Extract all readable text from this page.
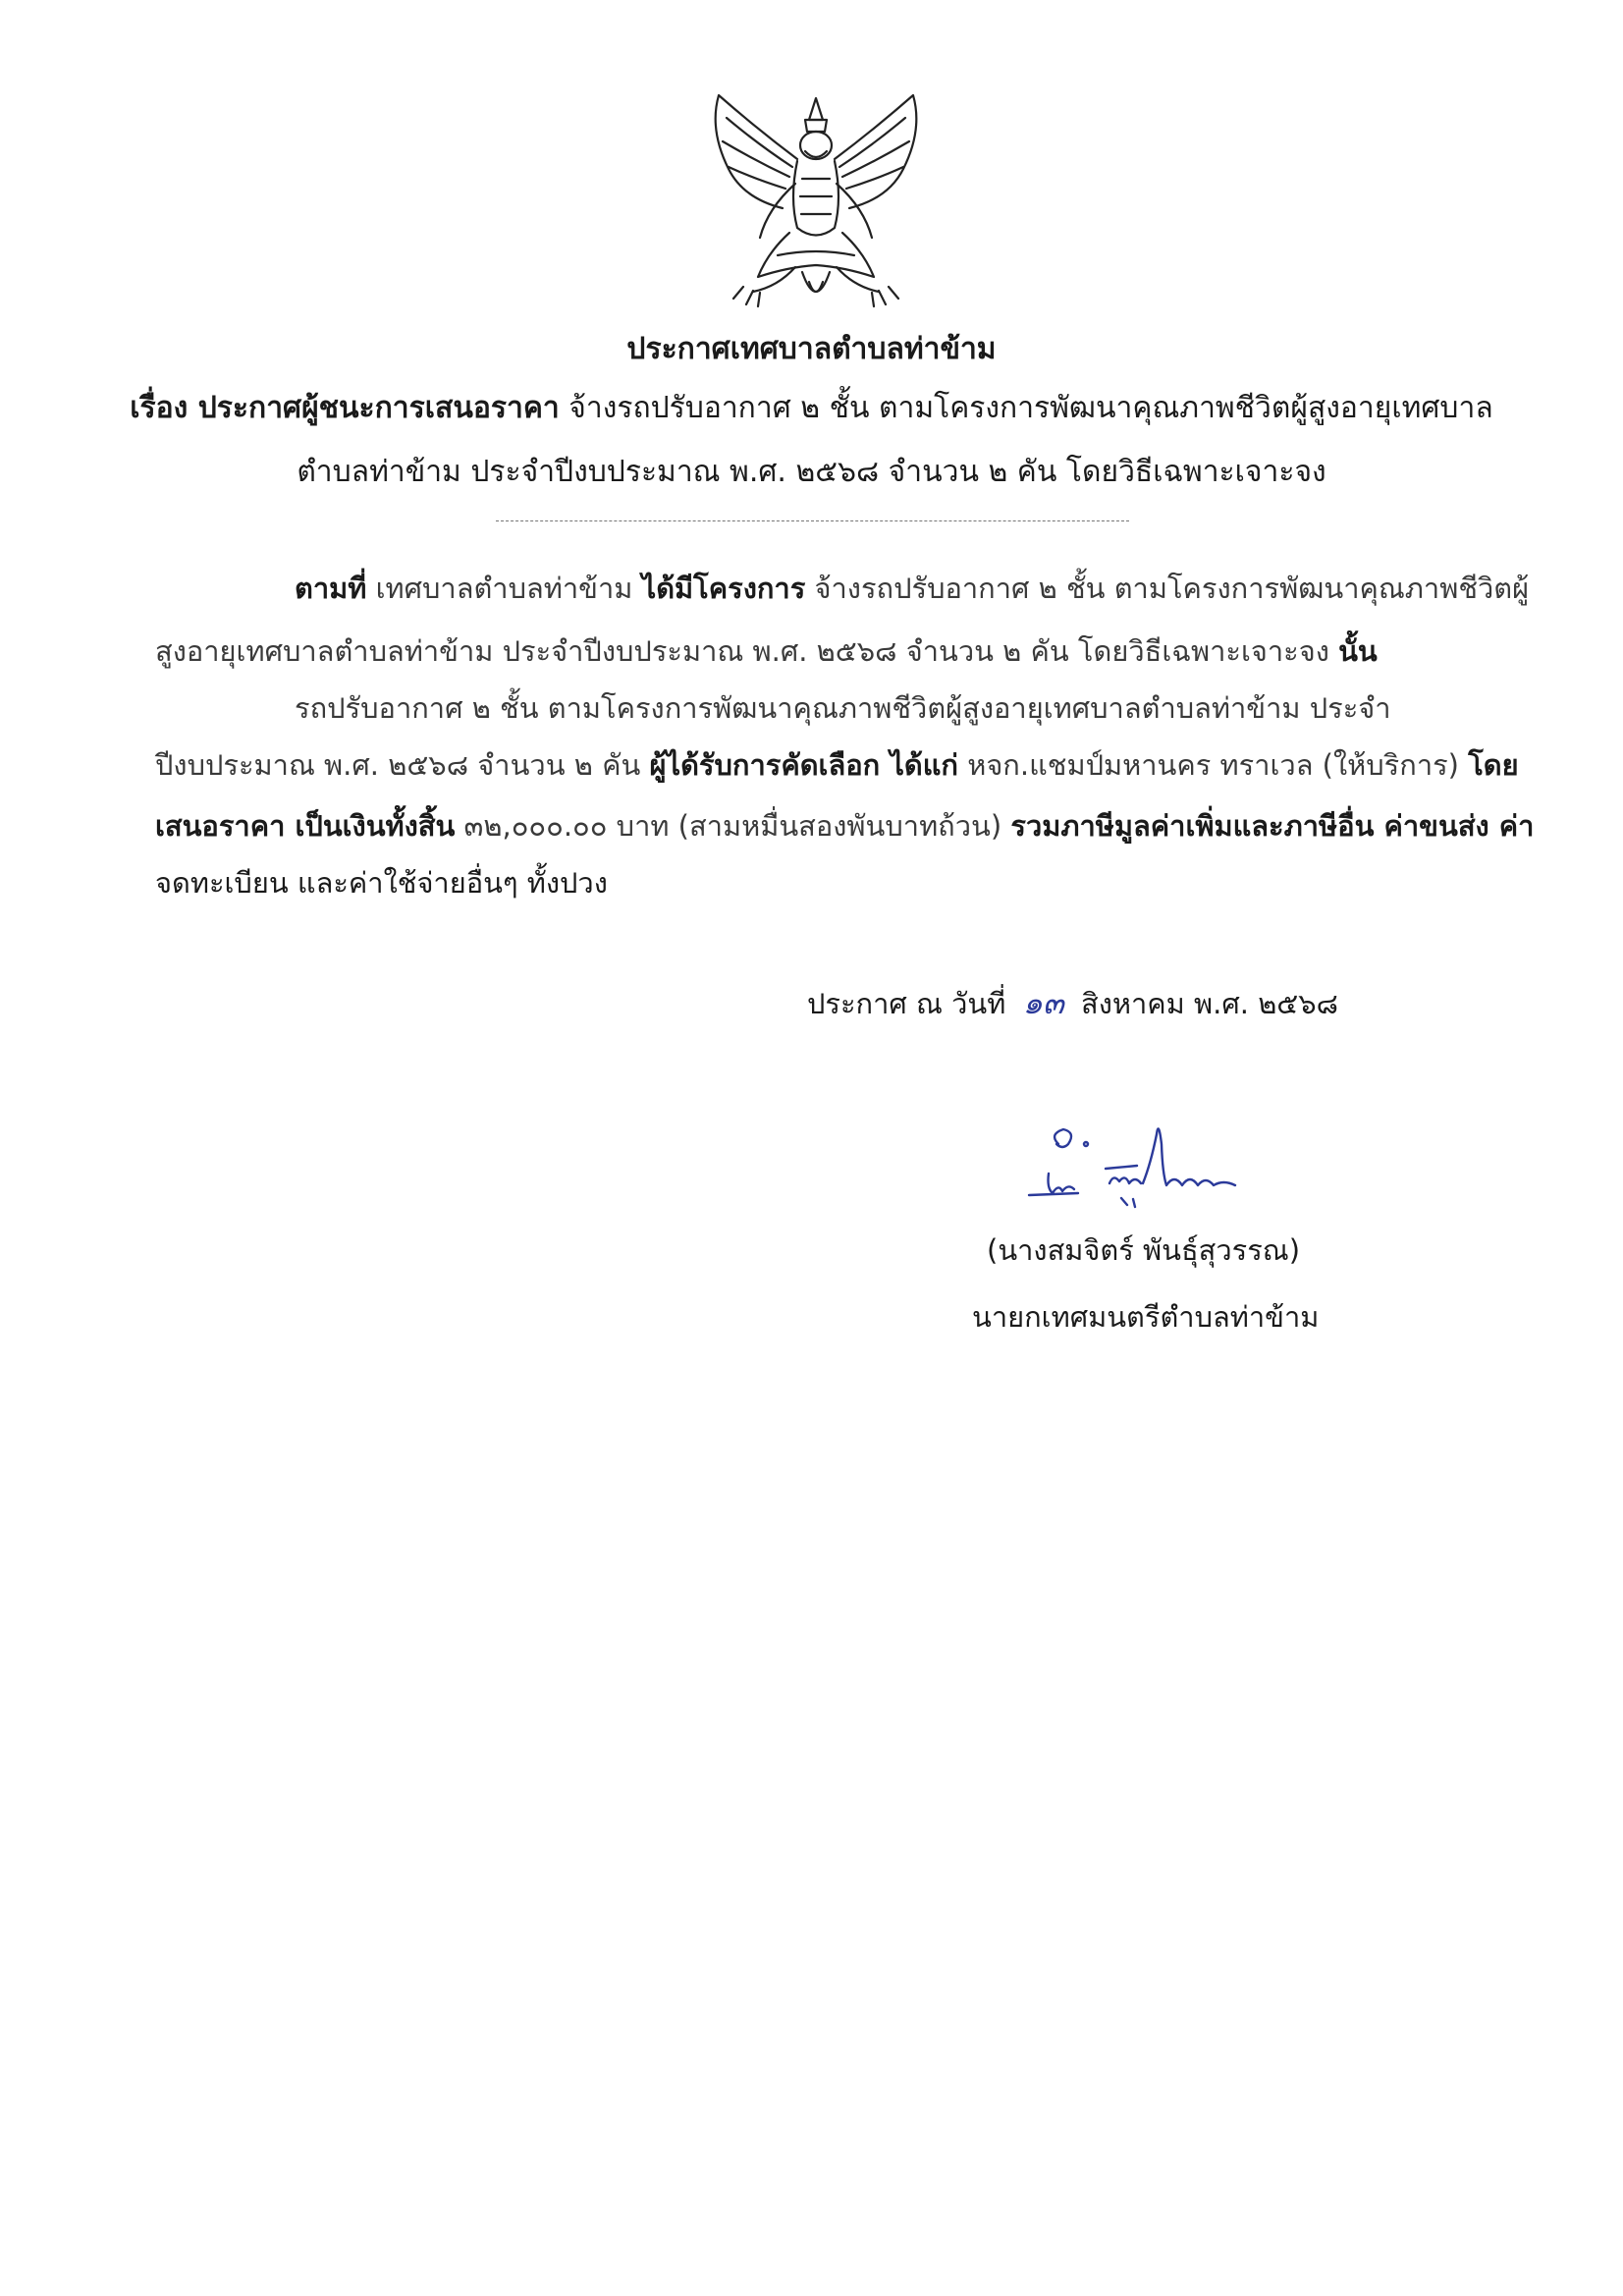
ประกาศเทศบาลตำบลท่าข้าม
เรื่อง ประกาศผู้ชนะการเสนอราคา จ้างรถปรับอากาศ ๒ ชั้น ตามโครงการพัฒนาคุณภาพชีวิตผู้สูงอายุเทศบาล
ตำบลท่าข้าม ประจำปีงบประมาณ พ.ศ. ๒๕๖๘ จำนวน ๒ คัน โดยวิธีเฉพาะเจาะจง
ตามที่ เทศบาลตำบลท่าข้าม ได้มีโครงการ จ้างรถปรับอากาศ ๒ ชั้น ตามโครงการพัฒนาคุณภาพชีวิตผู้
สูงอายุเทศบาลตำบลท่าข้าม ประจำปีงบประมาณ พ.ศ. ๒๕๖๘ จำนวน ๒ คัน โดยวิธีเฉพาะเจาะจง นั้น
รถปรับอากาศ ๒ ชั้น ตามโครงการพัฒนาคุณภาพชีวิตผู้สูงอายุเทศบาลตำบลท่าข้าม ประจำ
ปีงบประมาณ พ.ศ. ๒๕๖๘ จำนวน ๒ คัน ผู้ได้รับการคัดเลือก ได้แก่ หจก.แชมป์มหานคร ทราเวล (ให้บริการ) โดย
เสนอราคา เป็นเงินทั้งสิ้น ๓๒,๐๐๐.๐๐ บาท (สามหมื่นสองพันบาทถ้วน) รวมภาษีมูลค่าเพิ่มและภาษีอื่น ค่าขนส่ง ค่า
จดทะเบียน และค่าใช้จ่ายอื่นๆ ทั้งปวง
ประกาศ ณ วันที่ ๑๓ สิงหาคม พ.ศ. ๒๕๖๘
(นางสมจิตร์ พันธุ์สุวรรณ)
นายกเทศมนตรีตำบลท่าข้าม
